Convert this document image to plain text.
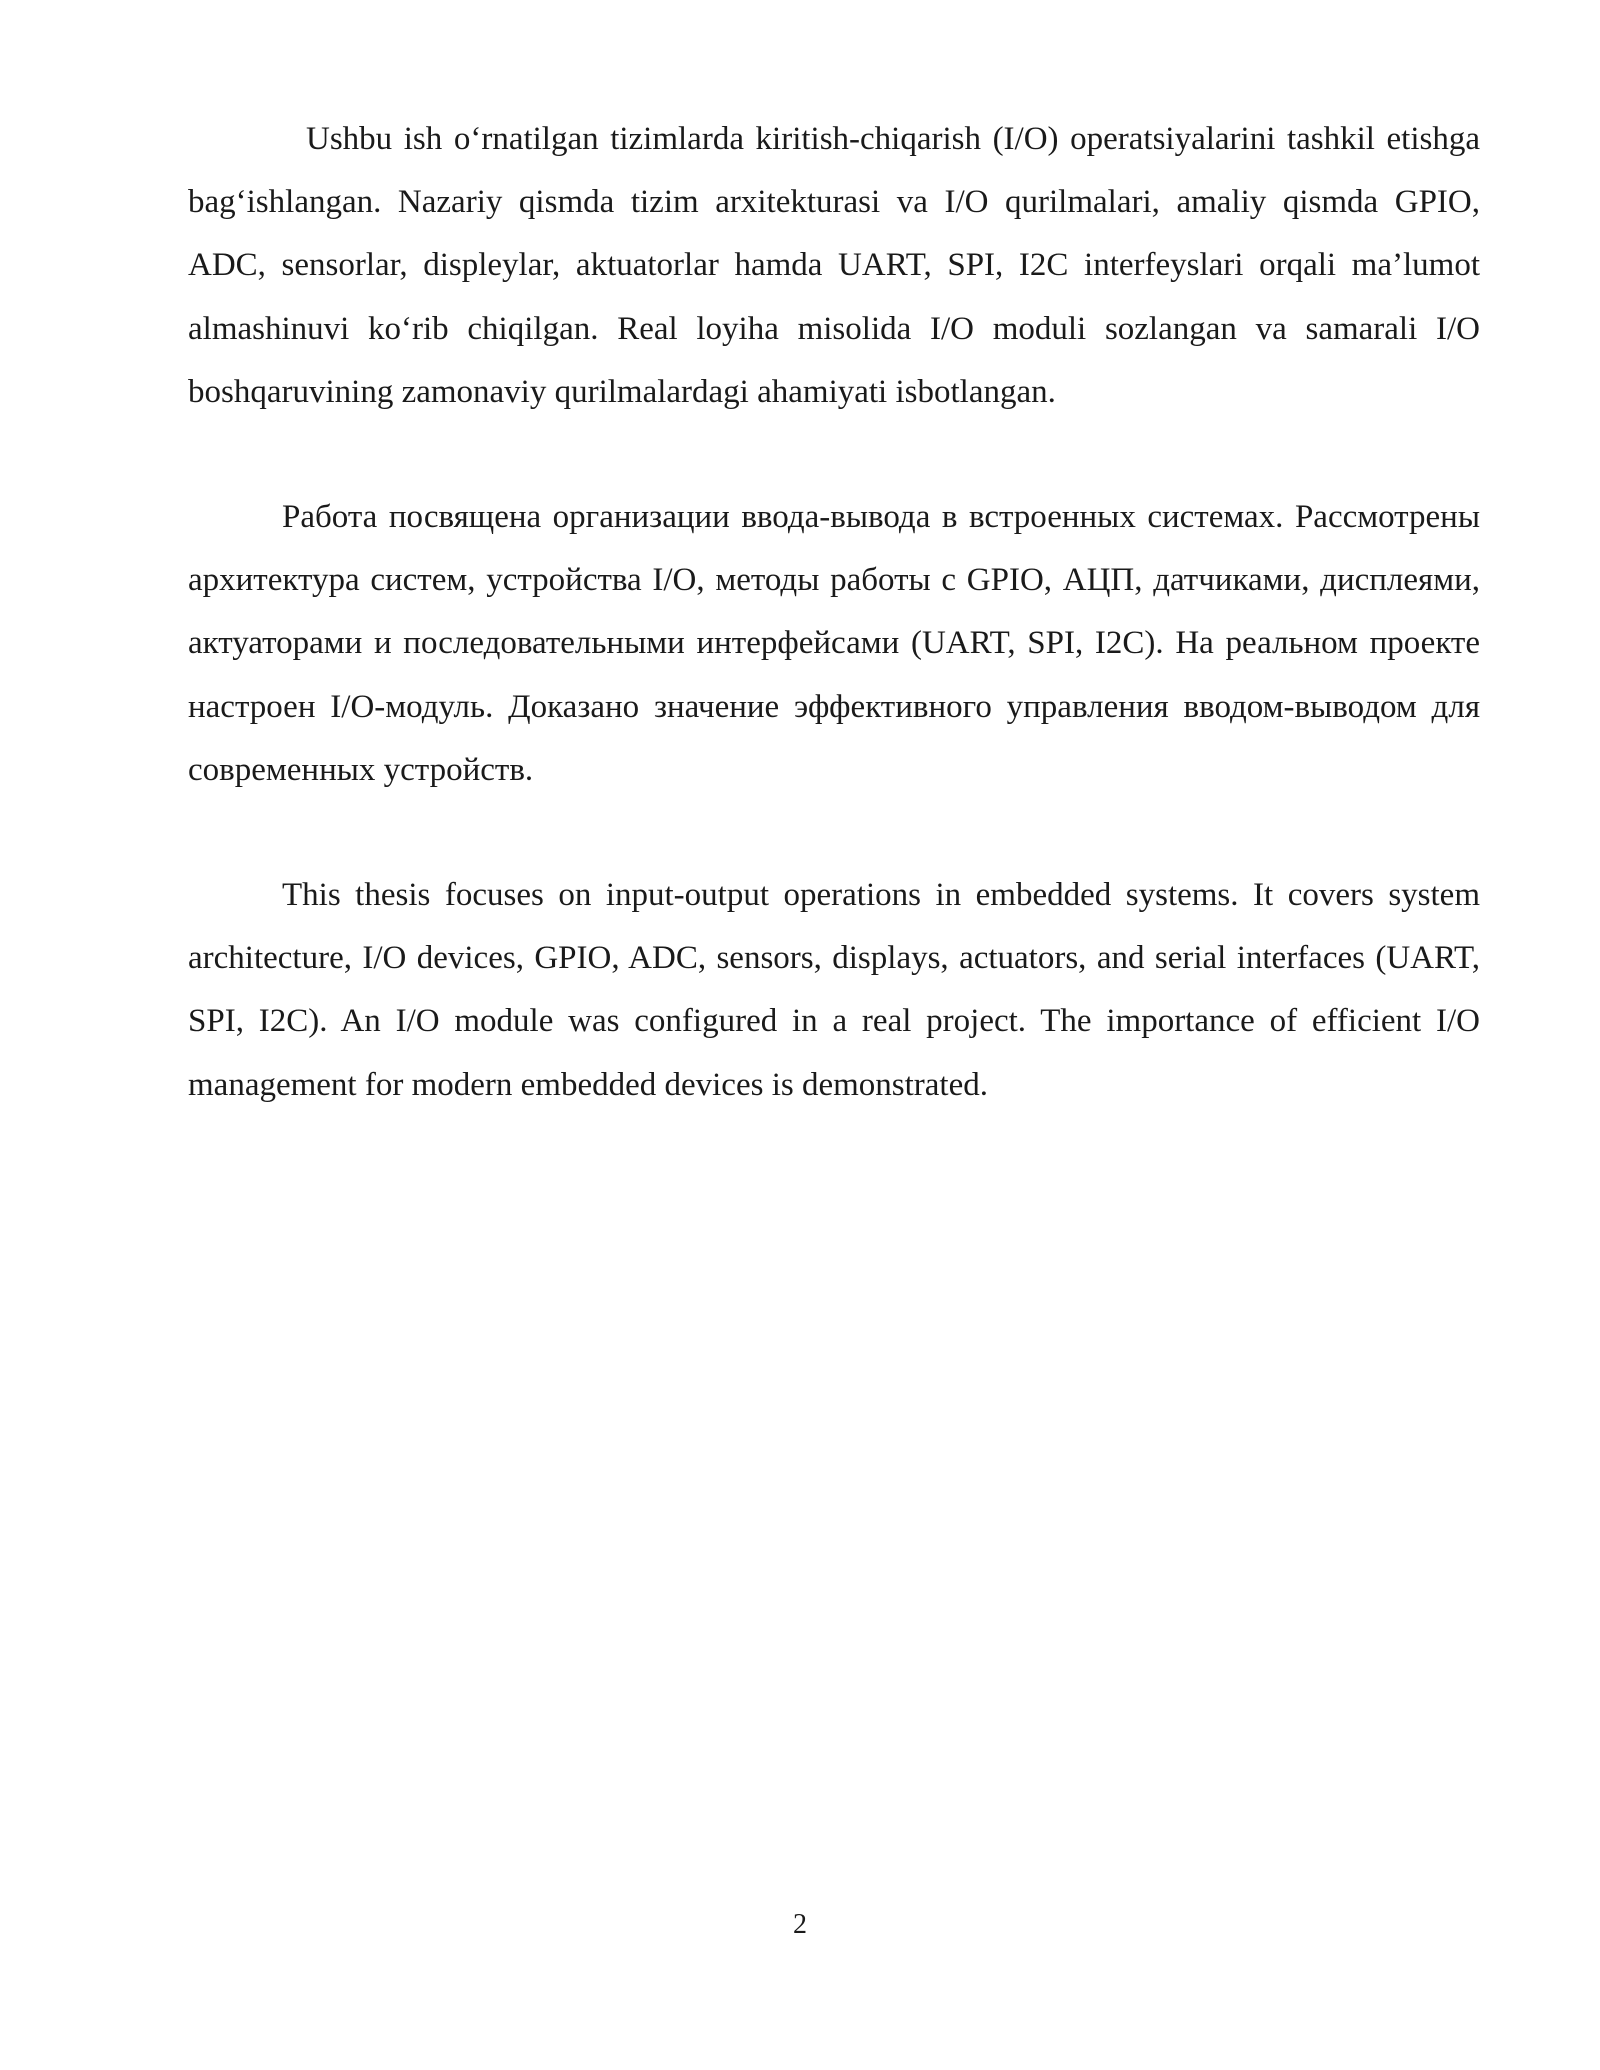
Ushbu ish o‘rnatilgan tizimlarda kiritish-chiqarish (I/O) operatsiyalarini tashkil etishga bag‘ishlangan. Nazariy qismda tizim arxitekturasi va I/O qurilmalari, amaliy qismda GPIO, ADC, sensorlar, displeylar, aktuatorlar hamda UART, SPI, I2C interfeyslari orqali ma’lumot almashinuvi ko‘rib chiqilgan. Real loyiha misolida I/O moduli sozlangan va samarali I/O boshqaruvining zamonaviy qurilmalardagi ahamiyati isbotlangan.

Работа посвящена организации ввода-вывода в встроенных системах. Рассмотрены архитектура систем, устройства I/O, методы работы с GPIO, АЦП, датчиками, дисплеями, актуаторами и последовательными интерфейсами (UART, SPI, I2C). На реальном проекте настроен I/O-модуль. Доказано значение эффективного управления вводом-выводом для современных устройств.

This thesis focuses on input-output operations in embedded systems. It covers system architecture, I/O devices, GPIO, ADC, sensors, displays, actuators, and serial interfaces (UART, SPI, I2C). An I/O module was configured in a real project. The importance of efficient I/O management for modern embedded devices is demonstrated.

2
